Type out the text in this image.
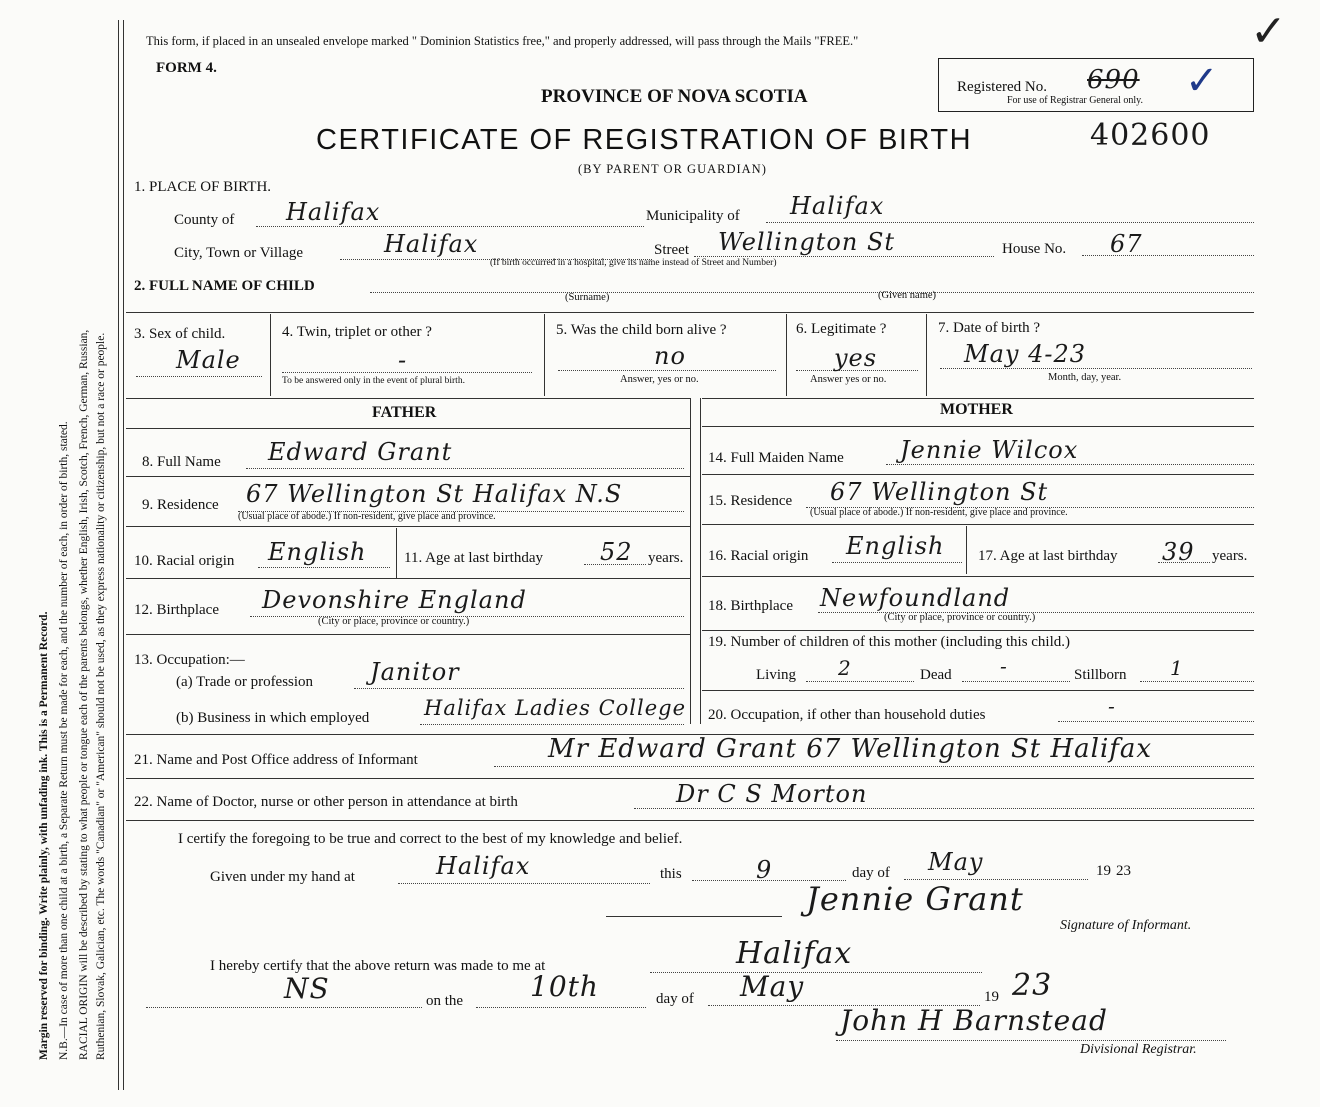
Margin reserved for binding. Write plainly, with unfading ink. This is a Permanent Record. N.B.—In case of more than one child at a birth, a Separate Return must be made for each, and the number of each, in order of birth, stated. RACIAL ORIGIN will be described by stating to what people or tongue each of the parents belongs, whether English, Irish, Scotch, French, German, Russian, Ruthenian, Slovak, Galician, etc. The words "Canadian" or "American" should not be used, as they express nationality or citizenship, but not a race or people.
This form, if placed in an unsealed envelope marked " Dominion Statistics free," and properly addressed, will pass through the Mails "FREE."
FORM 4.
PROVINCE OF NOVA SCOTIA
CERTIFICATE OF REGISTRATION OF BIRTH	402600
(BY PARENT OR GUARDIAN)
Registered No. 690
For use of Registrar General only. ✓
✓
1. PLACE OF BIRTH.
County of Halifax	Municipality of Halifax
City, Town or Village	Halifax
(If birth occurred in a hospital, give its name instead of Street and Number)
Street Wellington St	House No. 67
2. FULL NAME OF CHILD
(Surname)	(Given name)
3. Sex of child.
Male
4. Twin, triplet or other ?
-
To be answered only in the event of plural birth.
5. Was the child born alive ?
no
Answer, yes or no.
6. Legitimate ?
yes
Answer yes or no.
7. Date of birth ?
May 4-23
Month, day, year.
FATHER	MOTHER
8. Full Name Edward Grant
9. Residence 67 Wellington St Halifax N.S
(Usual place of abode.) If non-resident, give place and province.
10. Racial origin English	11. Age at last birthday 52 years.
12. Birthplace Devonshire England
(City or place, province or country.)
13. Occupation:—
(a) Trade or profession Janitor
(b) Business in which employed	Halifax Ladies College
14. Full Maiden Name Jennie Wilcox
15. Residence 67 Wellington St
(Usual place of abode.) If non-resident, give place and province.
16. Racial origin English 17. Age at last birthday 39 years.
18. Birthplace Newfoundland
(City or place, province or country.)
19. Number of children of this mother (including this child.)
Living 2	Dead -	Stillborn 1
20. Occupation, if other than household duties	-
21. Name and Post Office address of Informant	Mr Edward Grant 67 Wellington St Halifax
22. Name of Doctor, nurse or other person in attendance at birth	Dr C S Morton
I certify the foregoing to be true and correct to the best of my knowledge and belief.
Given under my hand at	Halifax	this	9	day of May	19 23
Jennie Grant
Signature of Informant.
I hereby certify that the above return was made to me at	Halifax
NS	on the 10th	day of May	19 23
John H Barnstead
Divisional Registrar.
